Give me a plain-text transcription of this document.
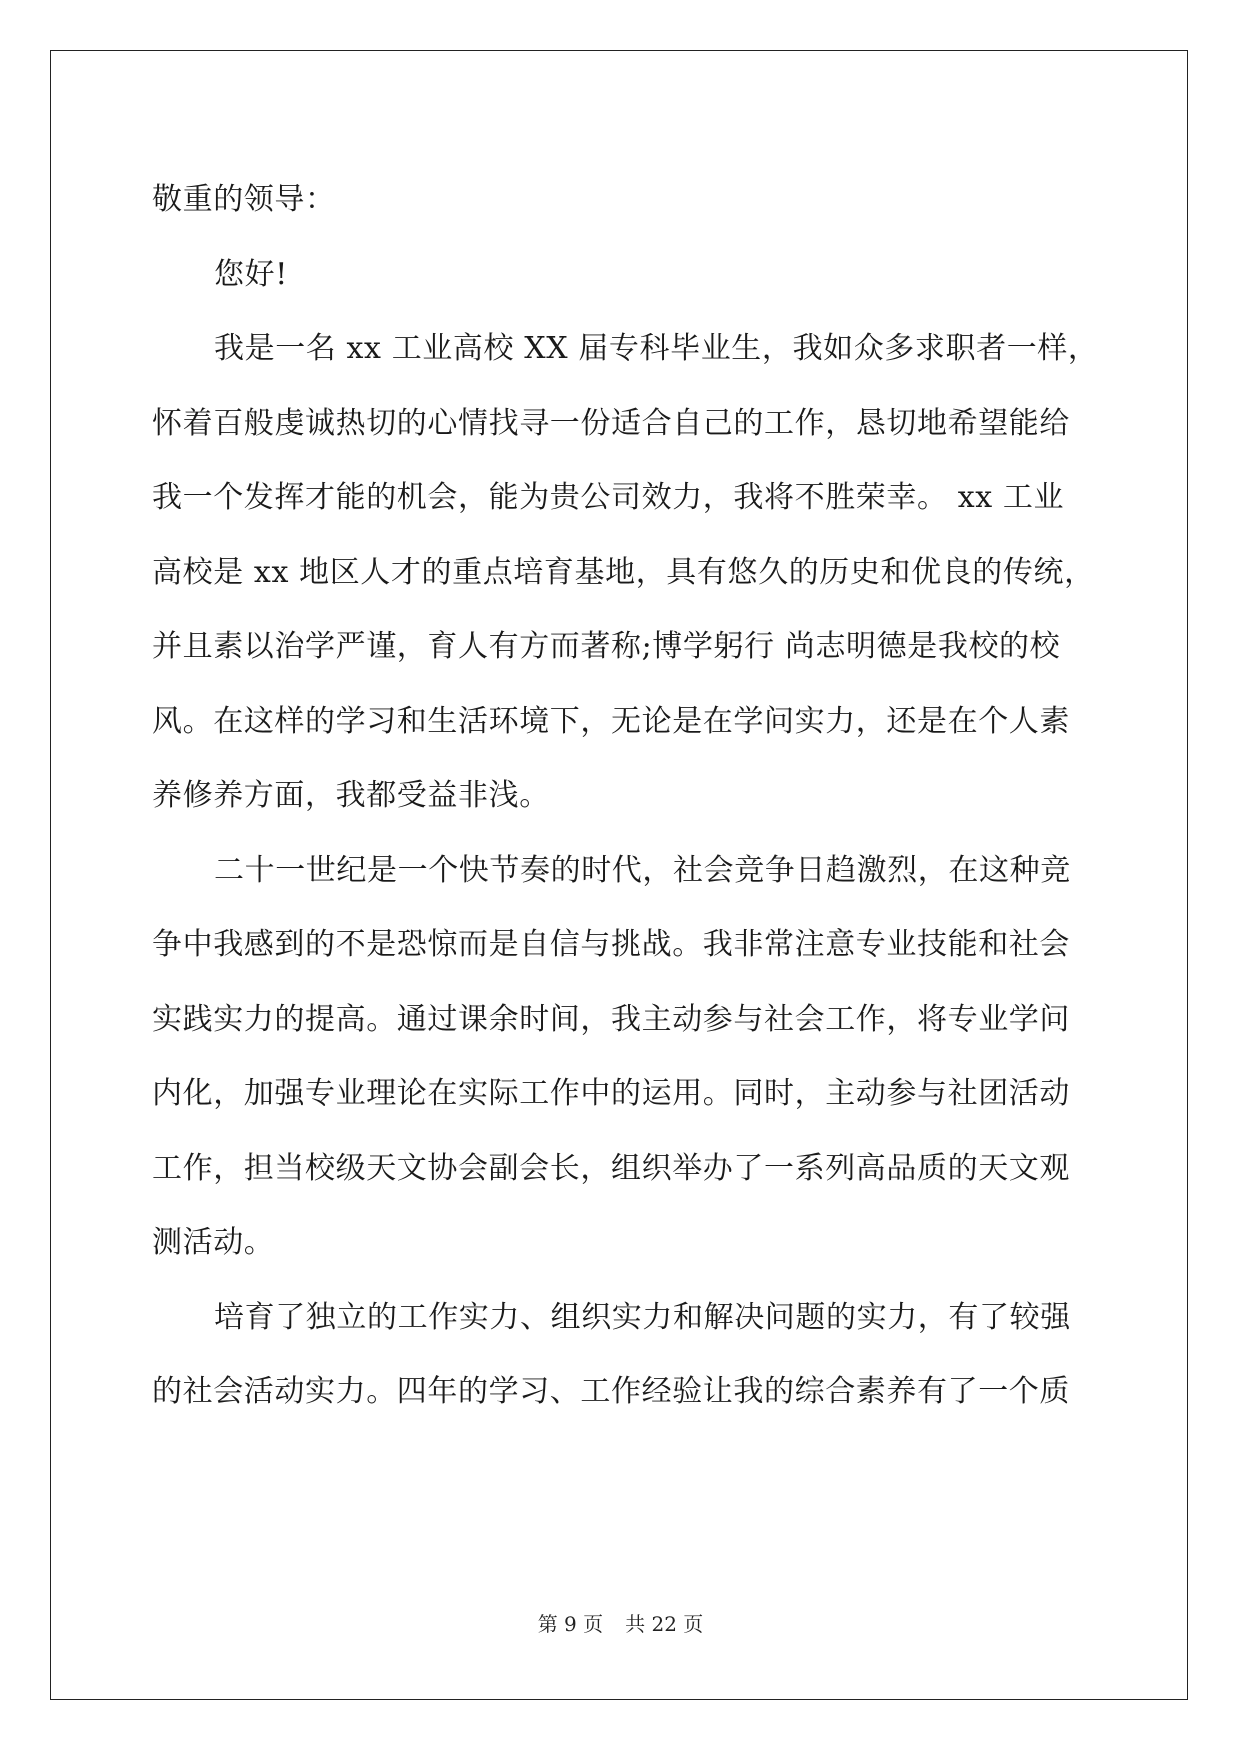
敬重的领导：
您好!
我是一名 xx 工业高校 XX 届专科毕业生，我如众多求职者一样，
怀着百般虔诚热切的心情找寻一份适合自己的工作，恳切地希望能给
我一个发挥才能的机会，能为贵公司效力，我将不胜荣幸。 xx 工业
高校是 xx 地区人才的重点培育基地，具有悠久的历史和优良的传统，
并且素以治学严谨，育人有方而著称;博学躬行 尚志明德是我校的校
风。在这样的学习和生活环境下，无论是在学问实力，还是在个人素
养修养方面，我都受益非浅。
二十一世纪是一个快节奏的时代，社会竞争日趋激烈，在这种竞
争中我感到的不是恐惊而是自信与挑战。我非常注意专业技能和社会
实践实力的提高。通过课余时间，我主动参与社会工作，将专业学问
内化，加强专业理论在实际工作中的运用。同时，主动参与社团活动
工作，担当校级天文协会副会长，组织举办了一系列高品质的天文观
测活动。
培育了独立的工作实力、组织实力和解决问题的实力，有了较强
的社会活动实力。四年的学习、工作经验让我的综合素养有了一个质
第 9 页 共 22 页
